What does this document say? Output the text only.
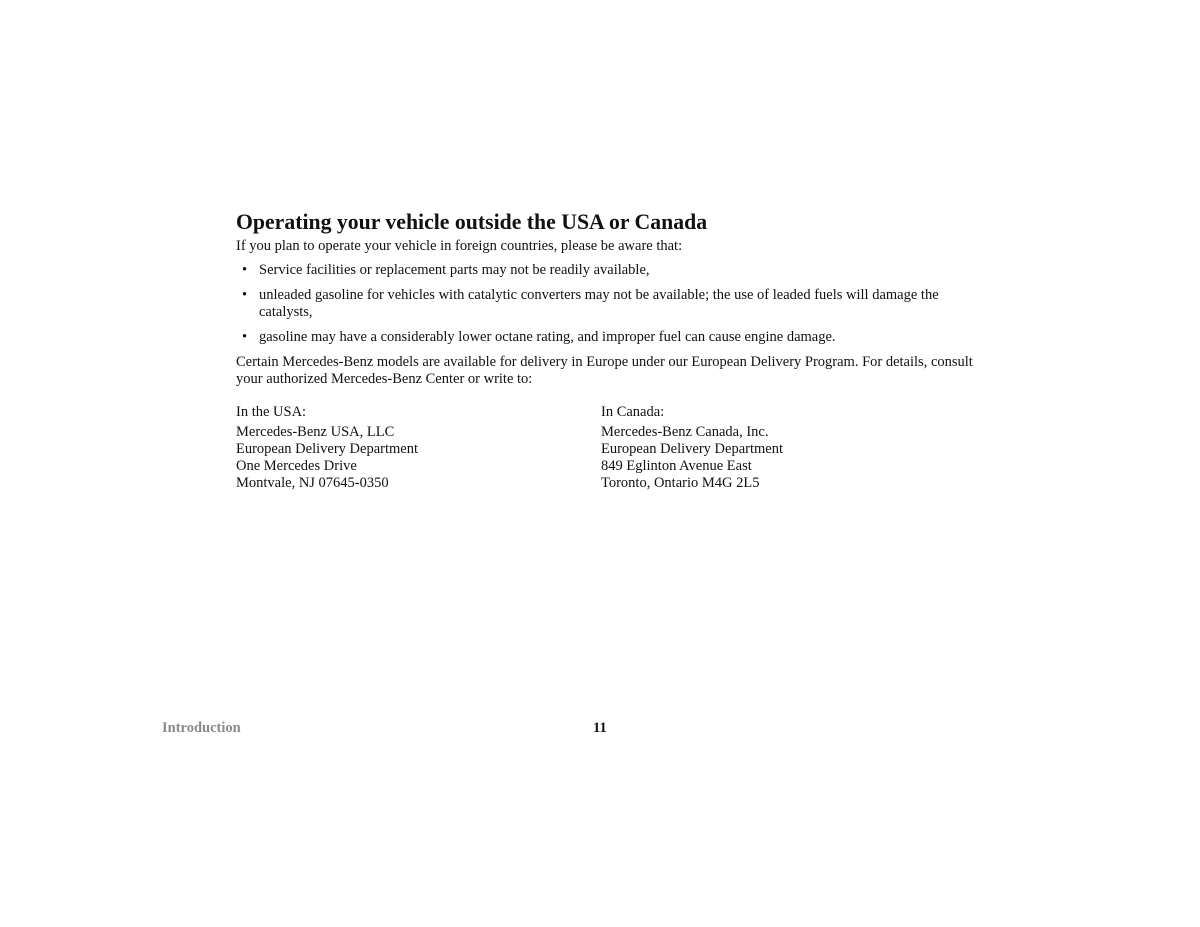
Operating your vehicle outside the USA or Canada

If you plan to operate your vehicle in foreign countries, please be aware that:

• Service facilities or replacement parts may not be readily available,
• unleaded gasoline for vehicles with catalytic converters may not be available; the use of leaded fuels will damage the catalysts,
• gasoline may have a considerably lower octane rating, and improper fuel can cause engine damage.

Certain Mercedes-Benz models are available for delivery in Europe under our European Delivery Program. For details, consult your authorized Mercedes-Benz Center or write to:

In the USA:
Mercedes-Benz USA, LLC
European Delivery Department
One Mercedes Drive
Montvale, NJ 07645-0350
In Canada:
Mercedes-Benz Canada, Inc.
European Delivery Department
849 Eglinton Avenue East
Toronto, Ontario M4G 2L5
Introduction	11
